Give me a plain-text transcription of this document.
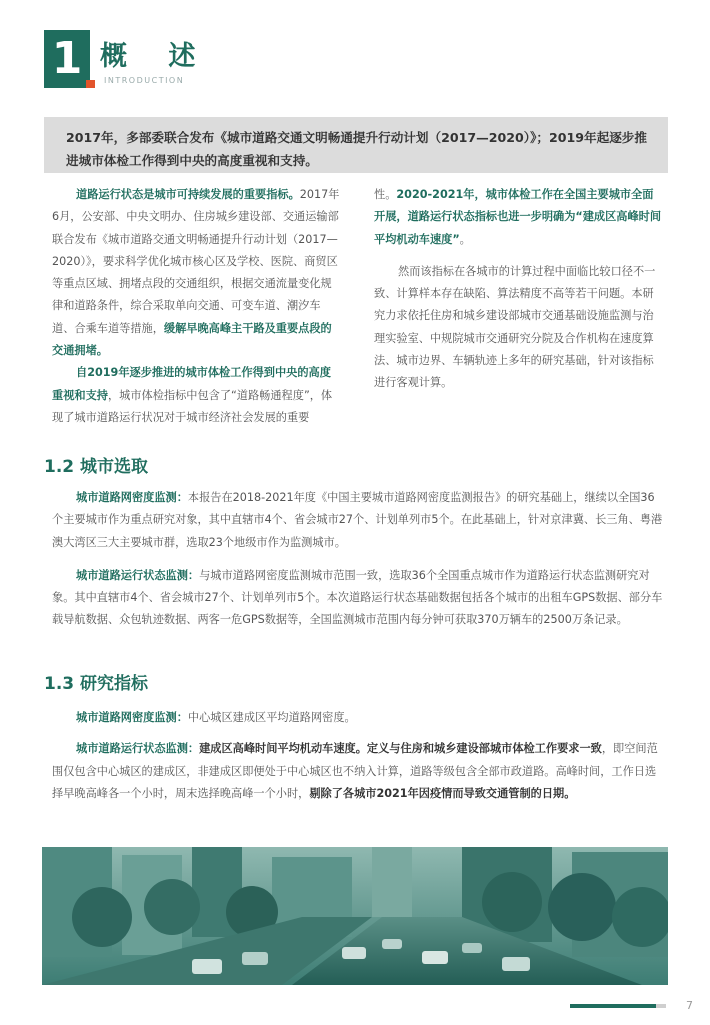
1 概 述
INTRODUCTION
2017年，多部委联合发布《城市道路交通文明畅通提升行动计划（2017—2020）》；2019年起逐步推进城市体检工作得到中央的高度重视和支持。

道路运行状态是城市可持续发展的重要指标。2017年6月，公安部、中央文明办、住房城乡建设部、交通运输部联合发布《城市道路交通文明畅通提升行动计划（2017—2020）》，要求科学优化城市核心区及学校、医院、商贸区等重点区域、拥堵点段的交通组织，根据交通流量变化规律和道路条件，综合采取单向交通、可变车道、潮汐车道、合乘车道等措施，缓解早晚高峰主干路及重要点段的交通拥堵。

自2019年逐步推进的城市体检工作得到中央的高度重视和支持，城市体检指标中包含了“道路畅通程度”，体现了城市道路运行状况对于城市经济社会发展的重要

性。2020-2021年，城市体检工作在全国主要城市全面开展，道路运行状态指标也进一步明确为“建成区高峰时间平均机动车速度”。

然而该指标在各城市的计算过程中面临比较口径不一致、计算样本存在缺陷、算法精度不高等若干问题。本研究力求依托住房和城乡建设部城市交通基础设施监测与治理实验室、中规院城市交通研究分院及合作机构在速度算法、城市边界、车辆轨迹上多年的研究基础，针对该指标进行客观计算。

1.2 城市选取

城市道路网密度监测：本报告在2018-2021年度《中国主要城市道路网密度监测报告》的研究基础上，继续以全国36个主要城市作为重点研究对象，其中直辖市4个、省会城市27个、计划单列市5个。在此基础上，针对京津冀、长三角、粤港澳大湾区三大主要城市群，选取23个地级市作为监测城市。

城市道路运行状态监测：与城市道路网密度监测城市范围一致，选取36个全国重点城市作为道路运行状态监测研究对象。其中直辖市4个、省会城市27个、计划单列市5个。本次道路运行状态基础数据包括各个城市的出租车GPS数据、部分车载导航数据、众包轨迹数据、两客一危GPS数据等，全国监测城市范围内每分钟可获取370万辆车的2500万条记录。

1.3 研究指标

城市道路网密度监测：中心城区建成区平均道路网密度。

城市道路运行状态监测：建成区高峰时间平均机动车速度。定义与住房和城乡建设部城市体检工作要求一致，即空间范围仅包含中心城区的建成区，非建成区即便处于中心城区也不纳入计算，道路等级包含全部市政道路。高峰时间，工作日选择早晚高峰各一个小时，周末选择晚高峰一个小时，剔除了各城市2021年因疫情而导致交通管制的日期。

7
